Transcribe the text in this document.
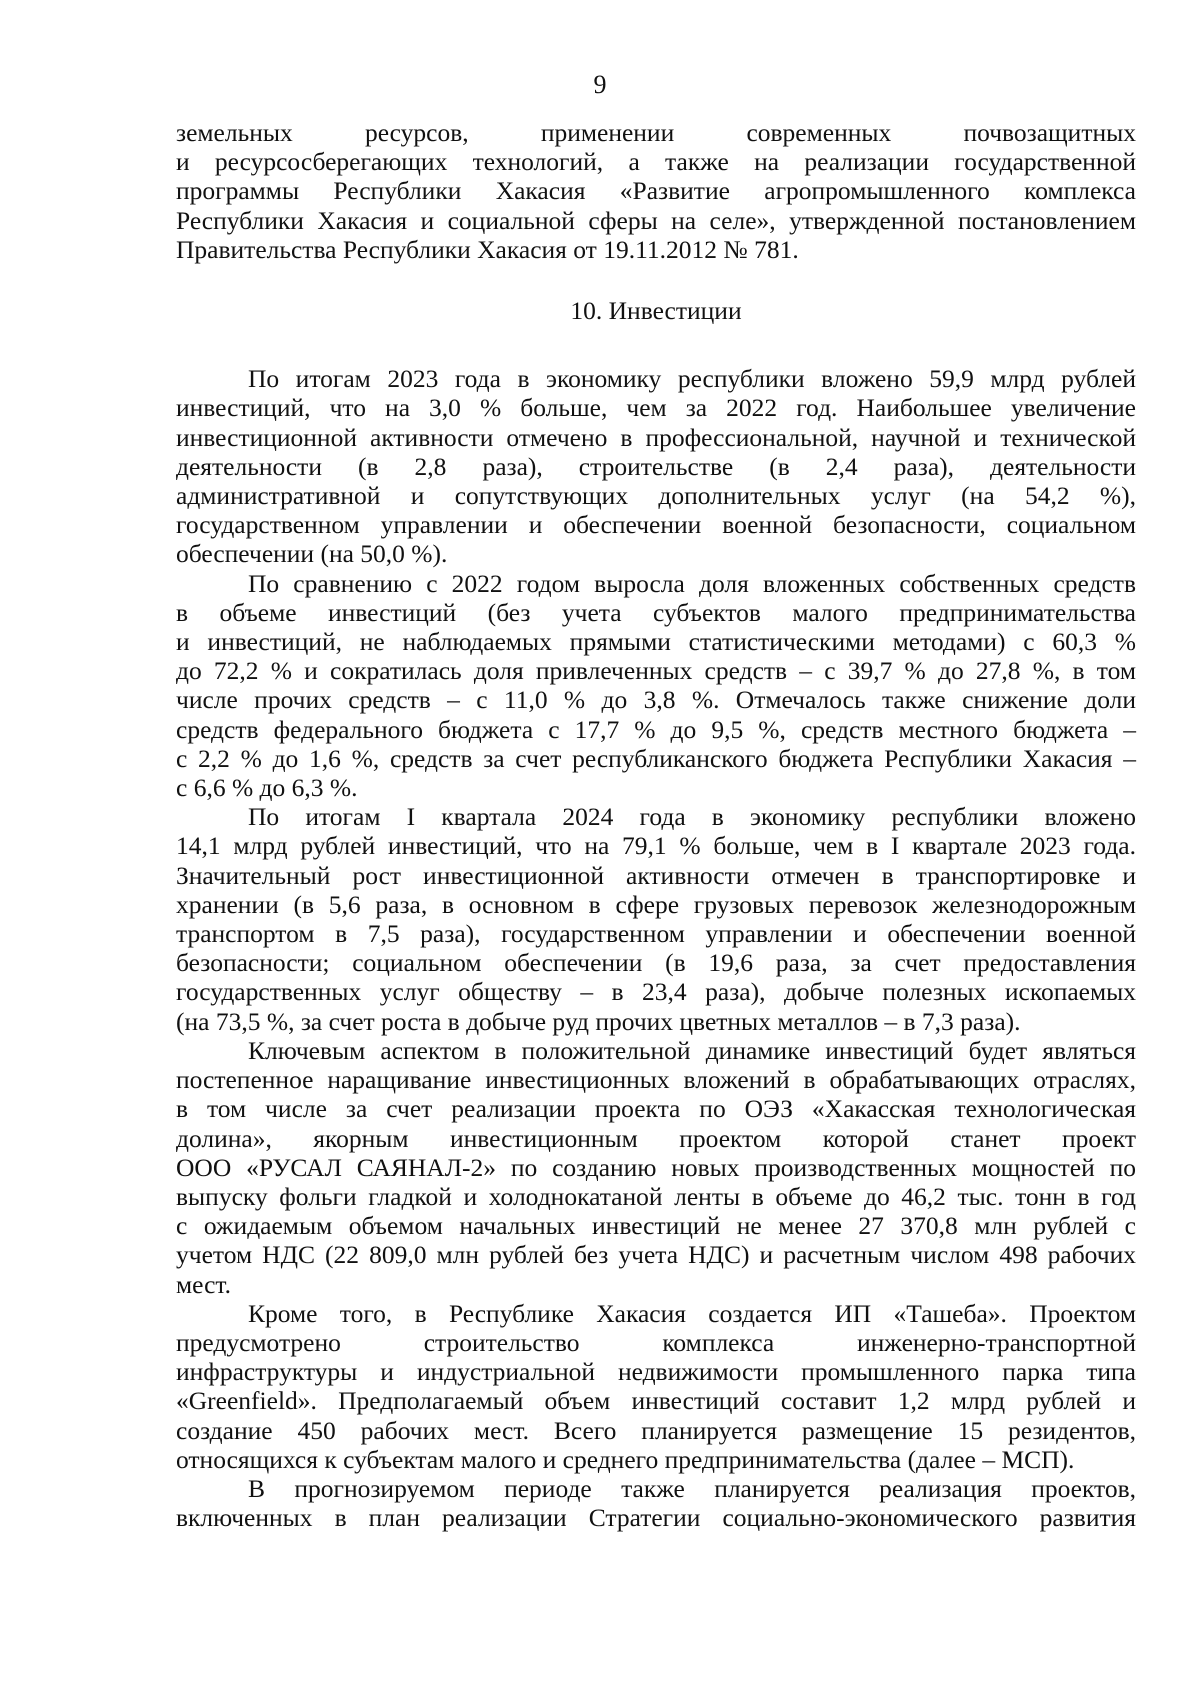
9
земельных ресурсов, применении современных почвозащитных
и ресурсосберегающих технологий, а также на реализации государственной
программы Республики Хакасия «Развитие агропромышленного комплекса
Республики Хакасия и социальной сферы на селе», утвержденной постановлением
Правительства Республики Хакасия от 19.11.2012 № 781.
10. Инвестиции
По итогам 2023 года в экономику республики вложено 59,9 млрд рублей
инвестиций, что на 3,0 % больше, чем за 2022 год. Наибольшее увеличение
инвестиционной активности отмечено в профессиональной, научной и технической
деятельности (в 2,8 раза), строительстве (в 2,4 раза), деятельности
административной и сопутствующих дополнительных услуг (на 54,2 %),
государственном управлении и обеспечении военной безопасности, социальном
обеспечении (на 50,0 %).
По сравнению с 2022 годом выросла доля вложенных собственных средств
в объеме инвестиций (без учета субъектов малого предпринимательства
и инвестиций, не наблюдаемых прямыми статистическими методами) с 60,3 %
до 72,2 % и сократилась доля привлеченных средств – с 39,7 % до 27,8 %, в том
числе прочих средств – с 11,0 % до 3,8 %. Отмечалось также снижение доли
средств федерального бюджета с 17,7 % до 9,5 %, средств местного бюджета –
с 2,2 % до 1,6 %, средств за счет республиканского бюджета Республики Хакасия –
с 6,6 % до 6,3 %.
По итогам I квартала 2024 года в экономику республики вложено
14,1 млрд рублей инвестиций, что на 79,1 % больше, чем в I квартале 2023 года.
Значительный рост инвестиционной активности отмечен в транспортировке и
хранении (в 5,6 раза, в основном в сфере грузовых перевозок железнодорожным
транспортом в 7,5 раза), государственном управлении и обеспечении военной
безопасности; социальном обеспечении (в 19,6 раза, за счет предоставления
государственных услуг обществу – в 23,4 раза), добыче полезных ископаемых
(на 73,5 %, за счет роста в добыче руд прочих цветных металлов – в 7,3 раза).
Ключевым аспектом в положительной динамике инвестиций будет являться
постепенное наращивание инвестиционных вложений в обрабатывающих отраслях,
в том числе за счет реализации проекта по ОЭЗ «Хакасская технологическая
долина», якорным инвестиционным проектом которой станет проект
ООО «РУСАЛ САЯНАЛ-2» по созданию новых производственных мощностей по
выпуску фольги гладкой и холоднокатаной ленты в объеме до 46,2 тыс. тонн в год
с ожидаемым объемом начальных инвестиций не менее 27 370,8 млн рублей с
учетом НДС (22 809,0 млн рублей без учета НДС) и расчетным числом 498 рабочих
мест.
Кроме того, в Республике Хакасия создается ИП «Ташеба». Проектом
предусмотрено строительство комплекса инженерно-транспортной
инфраструктуры и индустриальной недвижимости промышленного парка типа
«Greenfield». Предполагаемый объем инвестиций составит 1,2 млрд рублей и
создание 450 рабочих мест. Всего планируется размещение 15 резидентов,
относящихся к субъектам малого и среднего предпринимательства (далее – МСП).
В прогнозируемом периоде также планируется реализация проектов,
включенных в план реализации Стратегии социально-экономического развития
